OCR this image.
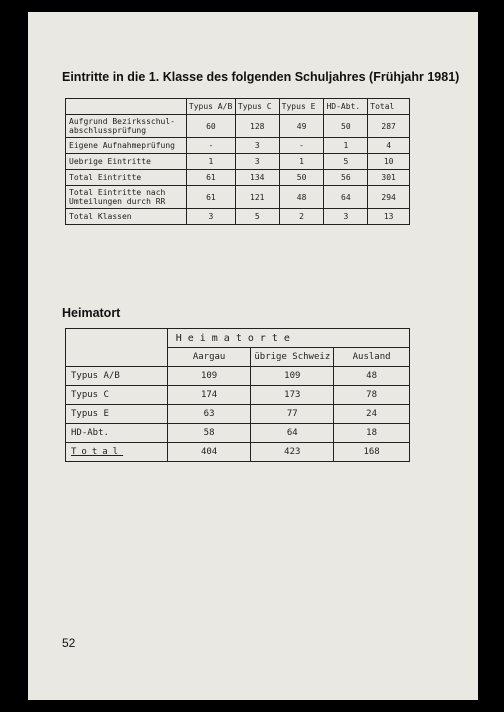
Eintritte in die 1. Klasse des folgenden Schuljahres (Frühjahr 1981)
	Typus A/B	Typus C	Typus E	HD-Abt.	Total
Aufgrund Bezirksschul-
abschlussprüfung	60	128	49	50	287
Eigene Aufnahmeprüfung	-	3	-	1	4
Uebrige Eintritte	1	3	1	5	10
Total Eintritte	61	134	50	56	301
Total Eintritte nach
Umteilungen durch RR	61	121	48	64	294
Total Klassen	3	5	2	3	13
Heimatort
	Heimatorte		
	Aargau	übrige Schweiz	Ausland
Typus A/B	109	109	48
Typus C	174	173	78
Typus E	63	77	24
HD-Abt.	58	64	18
Total	404	423	168
52
